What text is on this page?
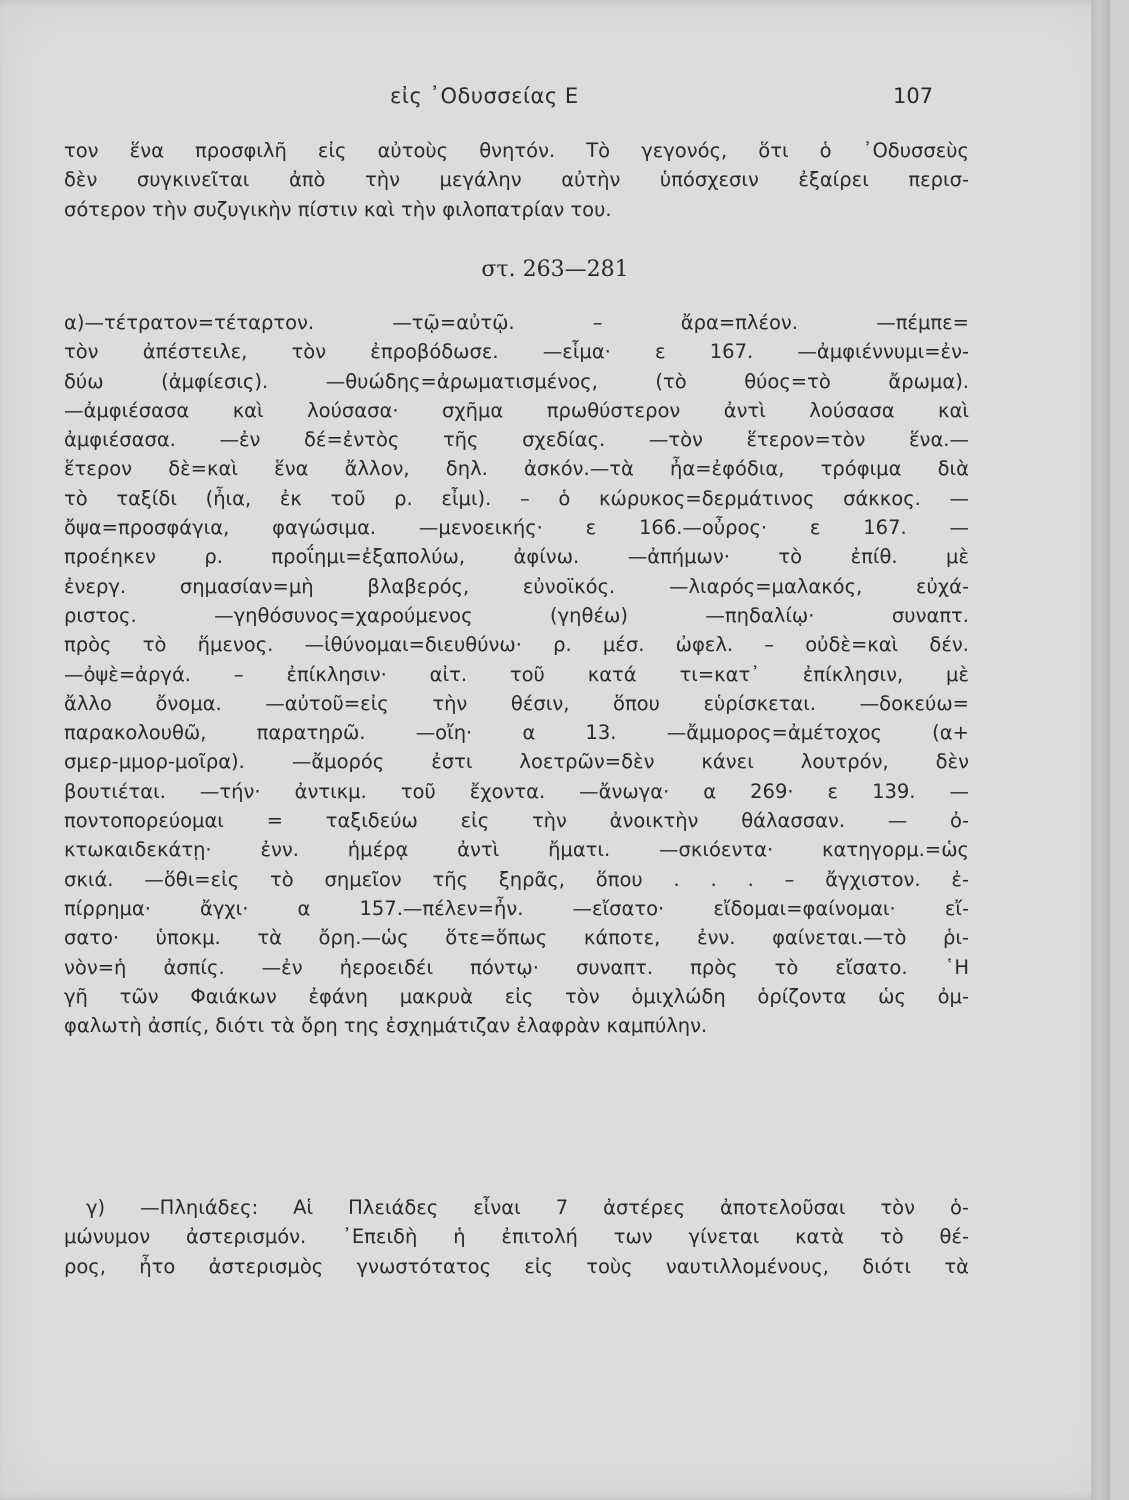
εἰς ᾿Οδυσσείας Ε	107
τον ἕνα προσφιλῆ εἰς αὐτοὺς θνητόν. Τὸ γεγονός, ὅτι ὁ ᾿Οδυσσεὺς
δὲν συγκινεῖται ἀπὸ τὴν μεγάλην αὐτὴν ὑπόσχεσιν ἐξαίρει περισ-
σότερον τὴν συζυγικὴν πίστιν καὶ τὴν φιλοπατρίαν του.
στ. 263—281
α)—τέτρατον=τέταρτον. —τῷ=αὐτῷ. – ἄρα=πλέον. —πέμπε=
τὸν ἀπέστειλε, τὸν ἐπροβόδωσε. —εἷμα· ε 167. —ἀμφιέννυμι=ἐν-
δύω (ἀμφίεσις). —θυώδης=ἀρωματισμένος, (τὸ θύος=τὸ ἄρωμα).
—ἀμφιέσασα καὶ λούσασα· σχῆμα πρωθύστερον ἀντὶ λούσασα καὶ
ἀμφιέσασα. —ἐν δέ=ἐντὸς τῆς σχεδίας. —τὸν ἕτερον=τὸν ἕνα.—
ἕτερον δὲ=καὶ ἕνα ἄλλον, δηλ. ἀσκόν.—τὰ ἦα=ἐφόδια, τρόφιμα διὰ
τὸ ταξίδι (ἦια, ἐκ τοῦ ρ. εἶμι). – ὁ κώρυκος=δερμάτινος σάκκος. —
ὄψα=προσφάγια, φαγώσιμα. —μενοεικής· ε 166.—οὖρος· ε 167. —
προέηκεν ρ. προΐημι=ἐξαπολύω, ἀφίνω. —ἀπήμων· τὸ ἐπίθ. μὲ
ἐνεργ. σημασίαν=μὴ βλαβερός, εὐνοϊκός. —λιαρός=μαλακός, εὐχά-
ριστος. —γηθόσυνος=χαρούμενος (γηθέω) —πηδαλίῳ· συναπτ.
πρὸς τὸ ἥμενος. —ἰθύνομαι=διευθύνω· ρ. μέσ. ὠφελ. – οὐδὲ=καὶ δέν.
—ὀψὲ=ἀργά. – ἐπίκλησιν· αἰτ. τοῦ κατά τι=κατ᾽ ἐπίκλησιν, μὲ
ἄλλο ὄνομα. —αὐτοῦ=εἰς τὴν θέσιν, ὅπου εὑρίσκεται. —δοκεύω=
παρακολουθῶ, παρατηρῶ. —οἴη· α 13. —ἄμμορος=ἀμέτοχος (α+
σμερ-μμορ-μοῖρα). —ἄμορός ἐστι λοετρῶν=δὲν κάνει λουτρόν, δὲν
βουτιέται. —τήν· ἀντικμ. τοῦ ἔχοντα. —ἄνωγα· α 269· ε 139. —
ποντοπορεύομαι = ταξιδεύω εἰς τὴν ἀνοικτὴν θάλασσαν. — ὀ-
κτωκαιδεκάτῃ· ἐνν. ἡμέρᾳ ἀντὶ ἤματι. —σκιόεντα· κατηγορμ.=ὡς
σκιά. —ὅθι=εἰς τὸ σημεῖον τῆς ξηρᾶς, ὅπου . . . – ἄγχιστον. ἐ-
πίρρημα· ἄγχι· α 157.—πέλεν=ἦν. —εἴσατο· εἴδομαι=φαίνομαι· εἴ-
σατο· ὑποκμ. τὰ ὄρη.—ὡς ὅτε=ὅπως κάποτε, ἐνν. φαίνεται.—τὸ ῥι-
νὸν=ἡ ἀσπίς. —ἐν ἠεροειδέι πόντῳ· συναπτ. πρὸς τὸ εἴσατο. ῾Η
γῆ τῶν Φαιάκων ἐφάνη μακρυὰ εἰς τὸν ὁμιχλώδη ὁρίζοντα ὡς ὀμ-
φαλωτὴ ἀσπίς, διότι τὰ ὄρη της ἐσχημάτιζαν ἐλαφρὰν καμπύλην.
γ) —Πληιάδες: Αἱ Πλειάδες εἶναι 7 ἀστέρες ἀποτελοῦσαι τὸν ὁ-
μώνυμον ἀστερισμόν. ᾿Επειδὴ ἡ ἐπιτολή των γίνεται κατὰ τὸ θέ-
ρος, ἦτο ἀστερισμὸς γνωστότατος εἰς τοὺς ναυτιλλομένους, διότι τὰ
